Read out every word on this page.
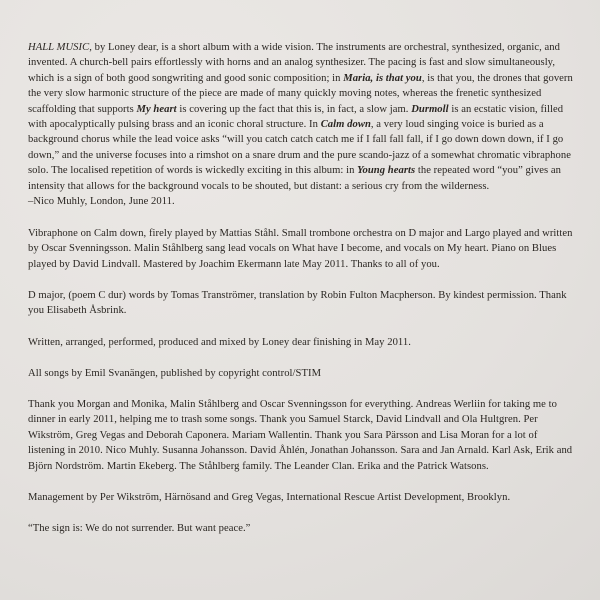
HALL MUSIC, by Loney dear, is a short album with a wide vision. The instruments are orchestral, synthesized, organic, and invented. A church-bell pairs effortlessly with horns and an analog synthesizer. The pacing is fast and slow simultaneously, which is a sign of both good songwriting and good sonic composition; in Maria, is that you, is that you, the drones that govern the very slow harmonic structure of the piece are made of many quickly moving notes, whereas the frenetic synthesized scaffolding that supports My heart is covering up the fact that this is, in fact, a slow jam. Durmoll is an ecstatic vision, filled with apocalyptically pulsing brass and an iconic choral structure. In Calm down, a very loud singing voice is buried as a background chorus while the lead voice asks “will you catch catch catch me if I fall fall fall, if I go down down down, if I go down,” and the universe focuses into a rimshot on a snare drum and the pure scando-jazz of a somewhat chromatic vibraphone solo. The localised repetition of words is wickedly exciting in this album: in Young hearts the repeated word “you” gives an intensity that allows for the background vocals to be shouted, but distant: a serious cry from the wilderness.
–Nico Muhly, London, June 2011.

Vibraphone on Calm down, firely played by Mattias Ståhl. Small trombone orchestra on D major and Largo played and written by Oscar Svenningsson. Malin Ståhlberg sang lead vocals on What have I become, and vocals on My heart. Piano on Blues played by David Lindvall. Mastered by Joachim Ekermann late May 2011. Thanks to all of you.

D major, (poem C dur) words by Tomas Tranströmer, translation by Robin Fulton Macpherson. By kindest permission. Thank you Elisabeth Åsbrink.

Written, arranged, performed, produced and mixed by Loney dear finishing in May 2011.

All songs by Emil Svanängen, published by copyright control/STIM

Thank you Morgan and Monika, Malin Ståhlberg and Oscar Svenningsson for everything. Andreas Werliin for taking me to dinner in early 2011, helping me to trash some songs. Thank you Samuel Starck, David Lindvall and Ola Hultgren. Per Wikström, Greg Vegas and Deborah Caponera. Mariam Wallentin. Thank you Sara Pärsson and Lisa Moran for a lot of listening in 2010. Nico Muhly. Susanna Johansson. David Åhlén, Jonathan Johansson. Sara and Jan Arnald. Karl Ask, Erik and Björn Nordström. Martin Ekeberg. The Ståhlberg family. The Leander Clan. Erika and the Patrick Watsons.

Management by Per Wikström, Härnösand and Greg Vegas, International Rescue Artist Development, Brooklyn.

“The sign is: We do not surrender. But want peace.”
